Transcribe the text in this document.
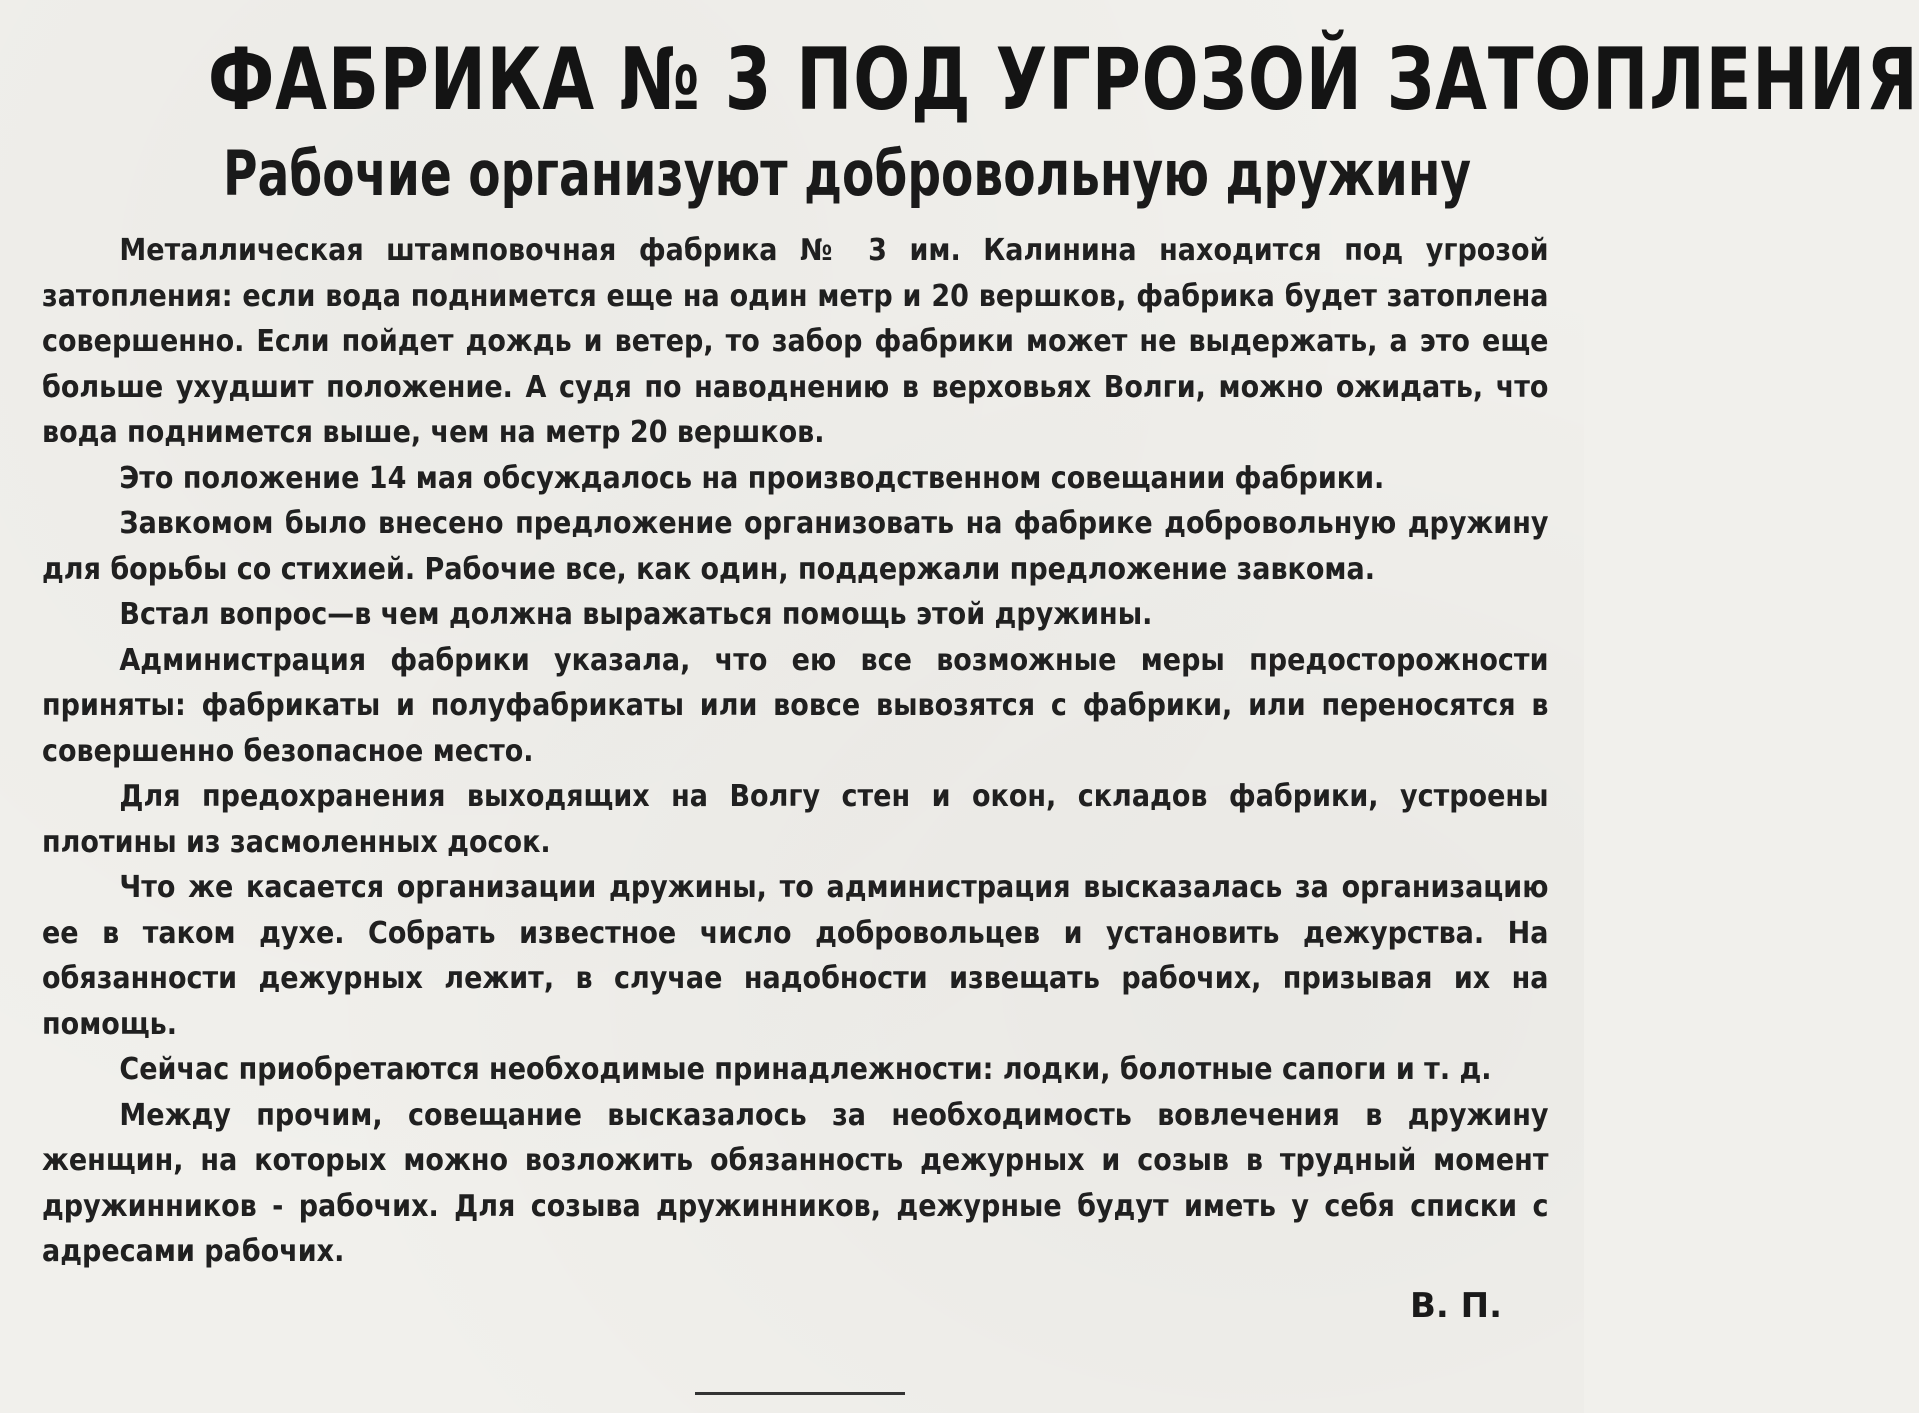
ФАБРИКА № 3 ПОД УГРОЗОЙ ЗАТОПЛЕНИЯ
Рабочие организуют добровольную дружину

Металлическая штамповочная фабрика № 3 им. Калинина находится под угрозой затопления: если вода поднимется еще на один метр и 20 вершков, фабрика будет затоплена совершенно. Если пойдет дождь и ветер, то забор фабрики может не выдержать, а это еще больше ухудшит положение. А судя по наводнению в верховьях Волги, можно ожидать, что вода поднимется выше, чем на метр 20 вершков.

Это положение 14 мая обсуждалось на производственном совещании фабрики.

Завкомом было внесено предложение организовать на фабрике добровольную дружину для борьбы со стихией. Рабочие все, как один, поддержали предложение завкома.

Встал вопрос—в чем должна выражаться помощь этой дружины.

Администрация фабрики указала, что ею все возможные меры предосторожности приняты: фабрикаты и полуфабрикаты или вовсе вывозятся с фабрики, или переносятся в совершенно безопасное место.

Для предохранения выходящих на Волгу стен и окон, складов фабрики, устроены плотины из засмоленных досок.

Что же касается организации дружины, то администрация высказалась за организацию ее в таком духе. Собрать известное число добровольцев и установить дежурства. На обязанности дежурных лежит, в случае надобности извещать рабочих, призывая их на помощь.

Сейчас приобретаются необходимые принадлежности: лодки, болотные сапоги и т. д.

Между прочим, совещание высказалось за необходимость вовлечения в дружину женщин, на которых можно возложить обязанность дежурных и созыв в трудный момент дружинников - рабочих. Для созыва дружинников, дежурные будут иметь у себя списки с адресами рабочих.

В. П.
